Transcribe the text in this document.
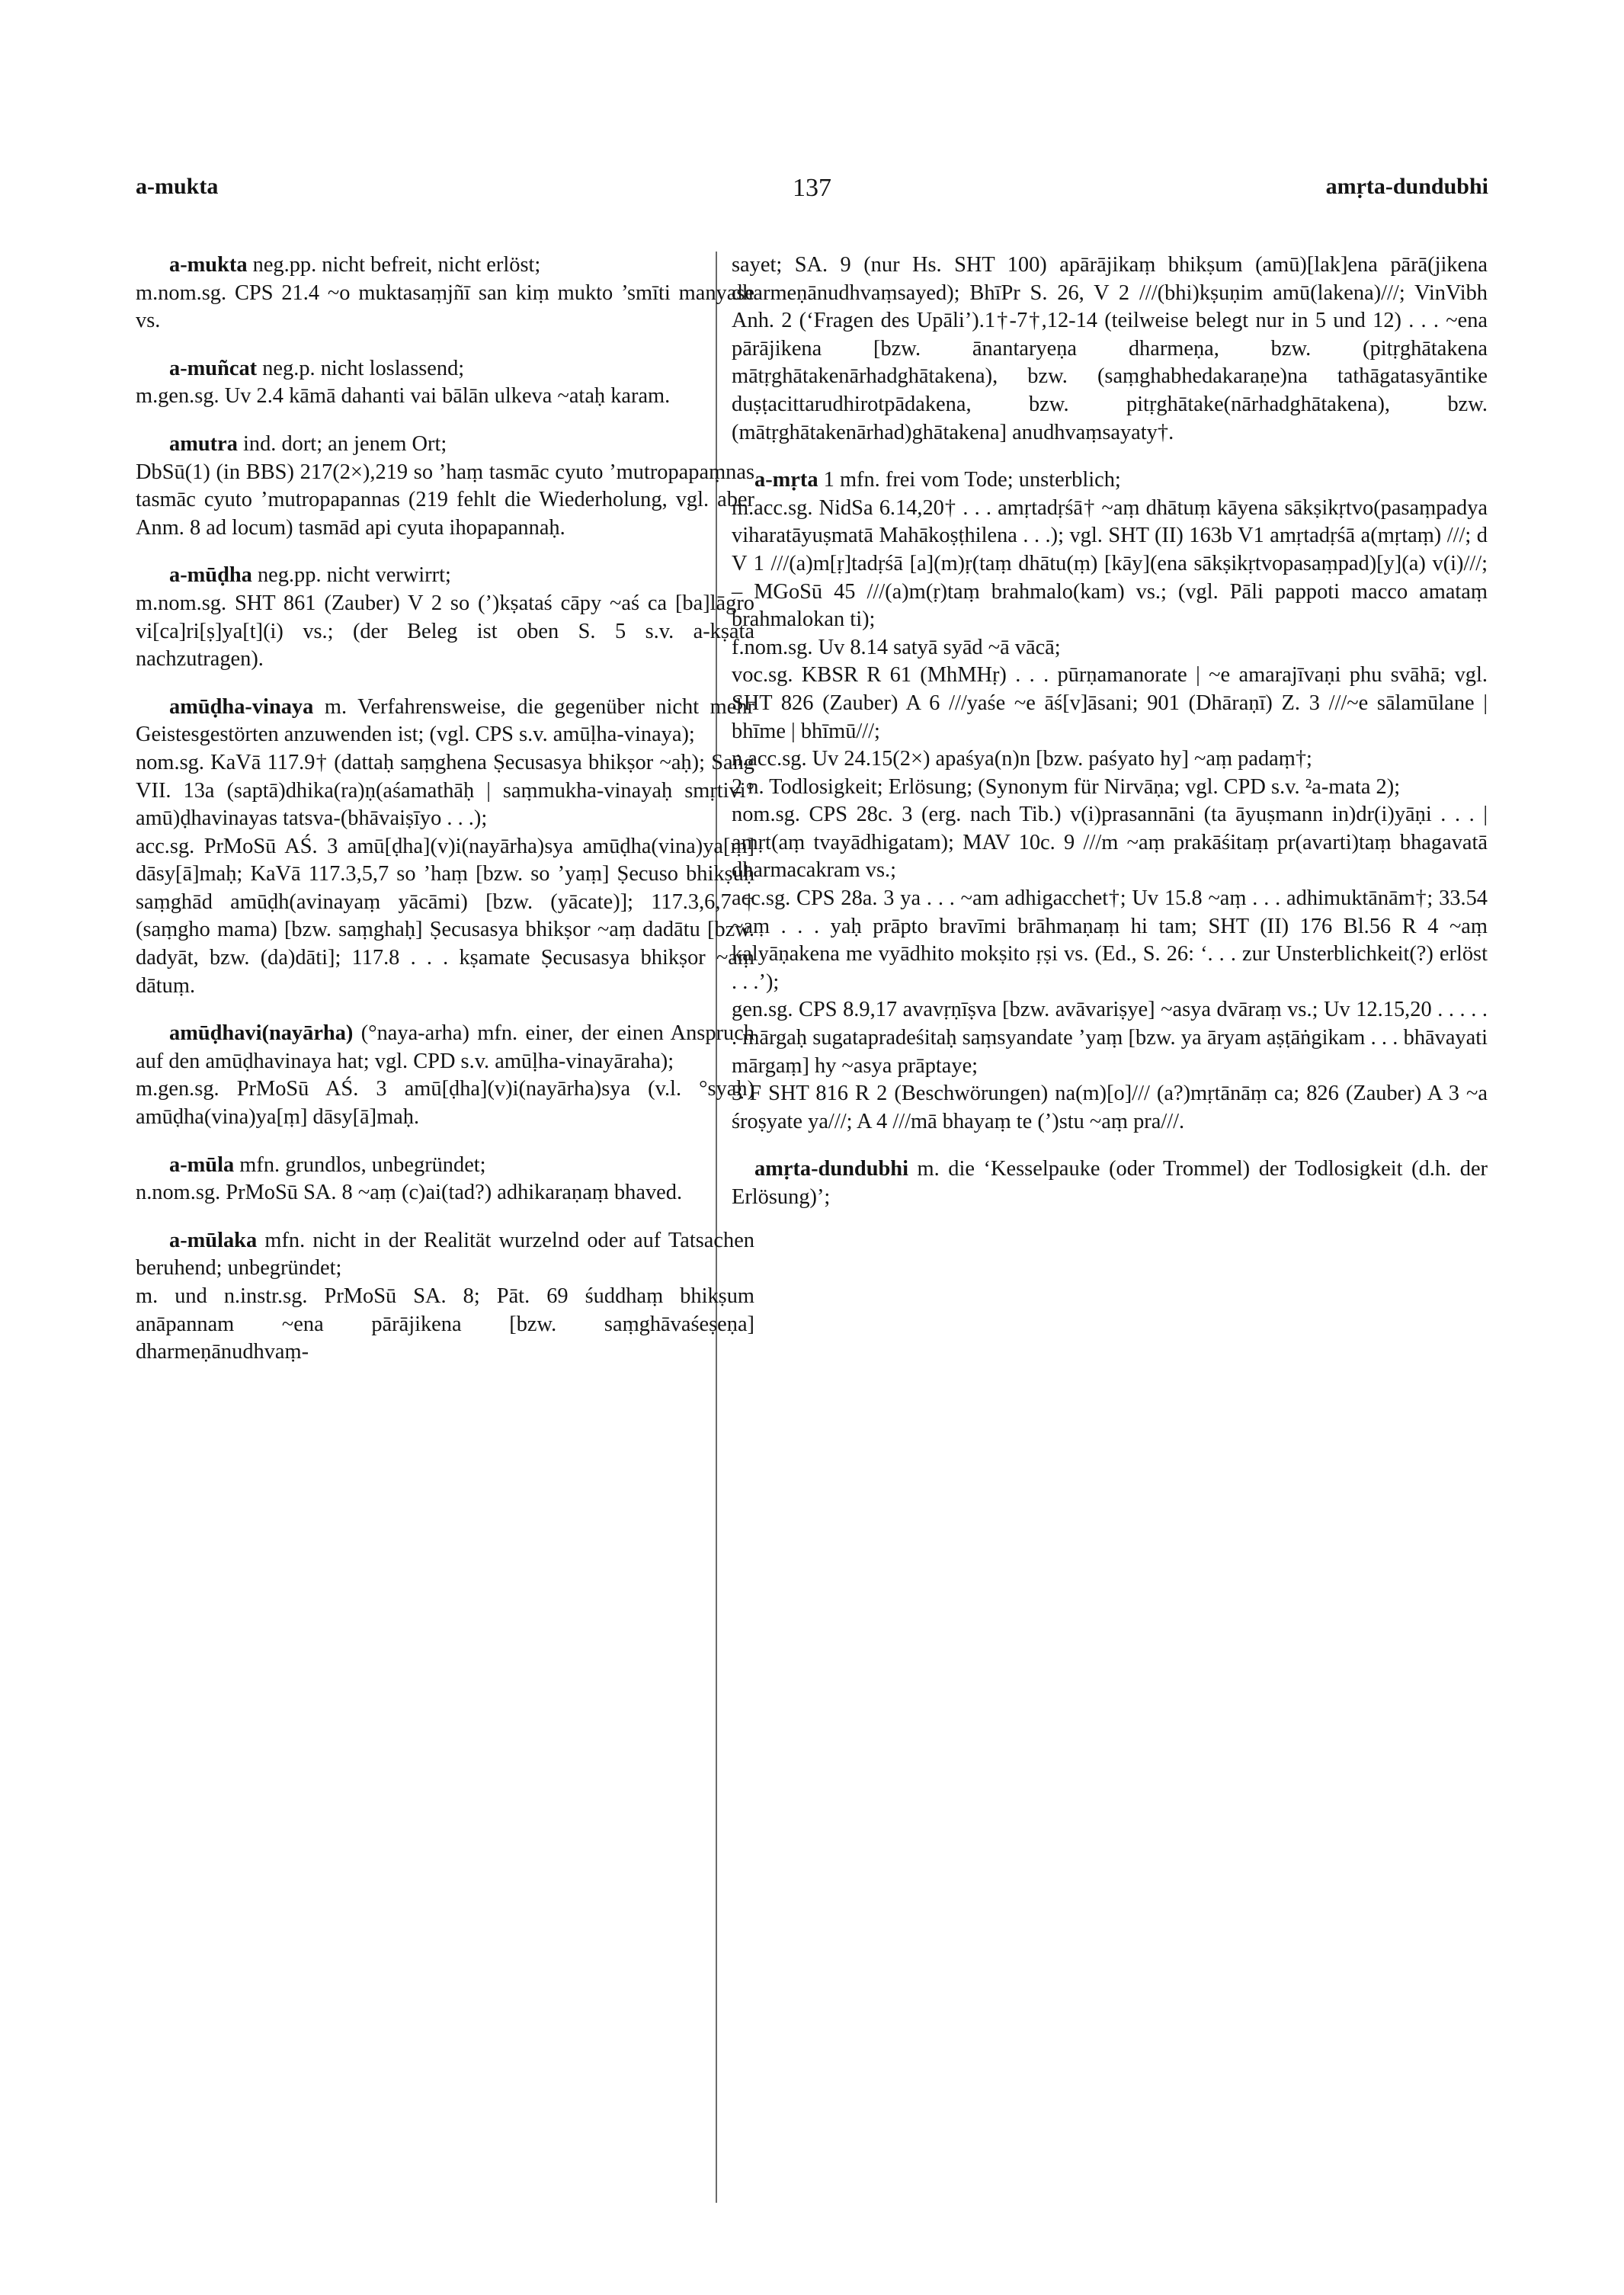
a-mukta	137	amṛta-dundubhi

a-mukta neg.pp. nicht befreit, nicht erlöst;

m.nom.sg. CPS 21.4 ~o muktasaṃjñī san kiṃ mukto ’smīti manyase vs.

a-muñcat neg.p. nicht loslassend;

m.gen.sg. Uv 2.4 kāmā dahanti vai bālān ulkeva ~ataḥ karam.

amutra ind. dort; an jenem Ort;

DbSū(1) (in BBS) 217(2×),219 so ’haṃ tasmāc cyuto ’mutropapaṃnas tasmāc cyuto ’mutropapannas (219 fehlt die Wiederholung, vgl. aber Anm. 8 ad locum) tasmād api cyuta ihopapannaḥ.

a-mūḍha neg.pp. nicht verwirrt;

m.nom.sg. SHT 861 (Zauber) V 2 so (’)kṣataś cāpy ~aś ca [ba]lāgro vi[ca]ri[ṣ]ya[t](i) vs.; (der Beleg ist oben S. 5 s.v. a-kṣata nachzutragen).

amūḍha-vinaya m. Verfahrensweise, die gegenüber nicht mehr Geistesgestörten anzuwenden ist; (vgl. CPS s.v. amūḷha-vinaya);

nom.sg. KaVā 117.9† (dattaḥ saṃghena Ṣecusasya bhikṣor ~aḥ); Saṅg VII. 13a (saptā)dhika(ra)ṇ(aśamathāḥ | saṃmukha-vinayaḥ smṛtivi° amū)ḍhavinayas tatsva-(bhāvaiṣīyo . . .);

acc.sg. PrMoSū AŚ. 3 amū[ḍha](v)i(nayārha)sya amūḍha(vina)ya[ṃ] dāsy[ā]maḥ; KaVā 117.3,5,7 so ’haṃ [bzw. so ’yaṃ] Ṣecuso bhikṣuḥ saṃghād amūḍh(avinayaṃ yācāmi) [bzw. (yācate)]; 117.3,6,7† (saṃgho mama) [bzw. saṃghaḥ] Ṣecusasya bhikṣor ~aṃ dadātu [bzw. dadyāt, bzw. (da)dāti]; 117.8 . . . kṣamate Ṣecusasya bhikṣor ~aṃ dātuṃ.

amūḍhavi(nayārha) (°naya-arha) mfn. einer, der einen Anspruch auf den amūḍhavinaya hat; vgl. CPD s.v. amūḷha-vinayāraha);

m.gen.sg. PrMoSū AŚ. 3 amū[ḍha](v)i(nayārha)sya (v.l. °syaḥ) amūḍha(vina)ya[ṃ] dāsy[ā]maḥ.

a-mūla mfn. grundlos, unbegründet;

n.nom.sg. PrMoSū SA. 8 ~aṃ (c)ai(tad?) adhikaraṇaṃ bhaved.

a-mūlaka mfn. nicht in der Realität wurzelnd oder auf Tatsachen beruhend; unbegründet;

m. und n.instr.sg. PrMoSū SA. 8; Pāt. 69 śuddhaṃ bhikṣum anāpannam ~ena pārājikena [bzw. saṃghāvaśeṣeṇa] dharmeṇānudhvaṃ-

sayet; SA. 9 (nur Hs. SHT 100) apārājikaṃ bhikṣum (amū)[lak]ena pārā(jikena dharmeṇānudhvaṃsayed); BhīPr S. 26, V 2 ///(bhi)kṣuṇim amū(lakena)///; VinVibh Anh. 2 (‘Fragen des Upāli’).1†-7†,12-14 (teilweise belegt nur in 5 und 12) . . . ~ena pārājikena [bzw. ānantaryeṇa dharmeṇa, bzw. (pitṛghātakena mātṛghātakenārhadghātakena), bzw. (saṃghabhedakaraṇe)na tathāgatasyāntike duṣṭacittarudhirotpādakena, bzw. pitṛghātake(nārhadghātakena), bzw. (mātṛghātakenārhad)ghātakena] anudhvaṃsayaty†.

a-mṛta 1 mfn. frei vom Tode; unsterblich;

m.acc.sg. NidSa 6.14,20† . . . amṛtadṛśā† ~aṃ dhātuṃ kāyena sākṣikṛtvo(pasaṃpadya viharatāyuṣmatā Mahākoṣṭhilena . . .); vgl. SHT (II) 163b V1 amṛtadṛśā a(mṛtaṃ) ///; d V 1 ///(a)m[ṛ]tadṛśā [a](m)ṛ(taṃ dhātu(ṃ) [kāy](ena sākṣikṛtvopasaṃpad)[y](a) v(i)///; – MGoSū 45 ///(a)m(ṛ)taṃ brahmalo(kam) vs.; (vgl. Pāli pappoti macco amataṃ brahmalokan ti);

f.nom.sg. Uv 8.14 satyā syād ~ā vācā;

voc.sg. KBSR R 61 (MhMHṛ) . . . pūrṇamanorate | ~e amarajīvaṇi phu svāhā; vgl. SHT 826 (Zauber) A 6 ///yaśe ~e āś[v]āsani; 901 (Dhāraṇī) Z. 3 ///~e sālamūlane | bhīme | bhīmū///;

n.acc.sg. Uv 24.15(2×) apaśya(n)n [bzw. paśyato hy] ~aṃ padaṃ†;

2 n. Todlosigkeit; Erlösung; (Synonym für Nirvāṇa; vgl. CPD s.v. ²a-mata 2);

nom.sg. CPS 28c. 3 (erg. nach Tib.) v(i)prasannāni (ta āyuṣmann in)dr(i)yāṇi . . . | amṛt(aṃ tvayādhigatam); MAV 10c. 9 ///m ~aṃ prakāśitaṃ pr(avarti)taṃ bhagavatā dharmacakram vs.;

acc.sg. CPS 28a. 3 ya . . . ~am adhigacchet†; Uv 15.8 ~aṃ . . . adhimuktānām†; 33.54 ~aṃ . . . yaḥ prāpto bravīmi brāhmaṇaṃ hi tam; SHT (II) 176 Bl.56 R 4 ~aṃ kalyāṇakena me vyādhito mokṣito ṛṣi vs. (Ed., S. 26: ‘. . . zur Unsterblichkeit(?) erlöst . . .’);

gen.sg. CPS 8.9,17 avavṛṇīṣva [bzw. avāvariṣye] ~asya dvāraṃ vs.; Uv 12.15,20 . . . . . . mārgaḥ sugatapradeśitaḥ saṃsyandate ’yaṃ [bzw. ya āryam aṣṭāṅgikam . . . bhāvayati mārgaṃ] hy ~asya prāptaye;

3 F SHT 816 R 2 (Beschwörungen) na(m)[o]/// (a?)mṛtānāṃ ca; 826 (Zauber) A 3 ~a śroṣyate ya///; A 4 ///mā bhayaṃ te (’)stu ~aṃ pra///.

amṛta-dundubhi m. die ‘Kesselpauke (oder Trommel) der Todlosigkeit (d.h. der Erlösung)’;
